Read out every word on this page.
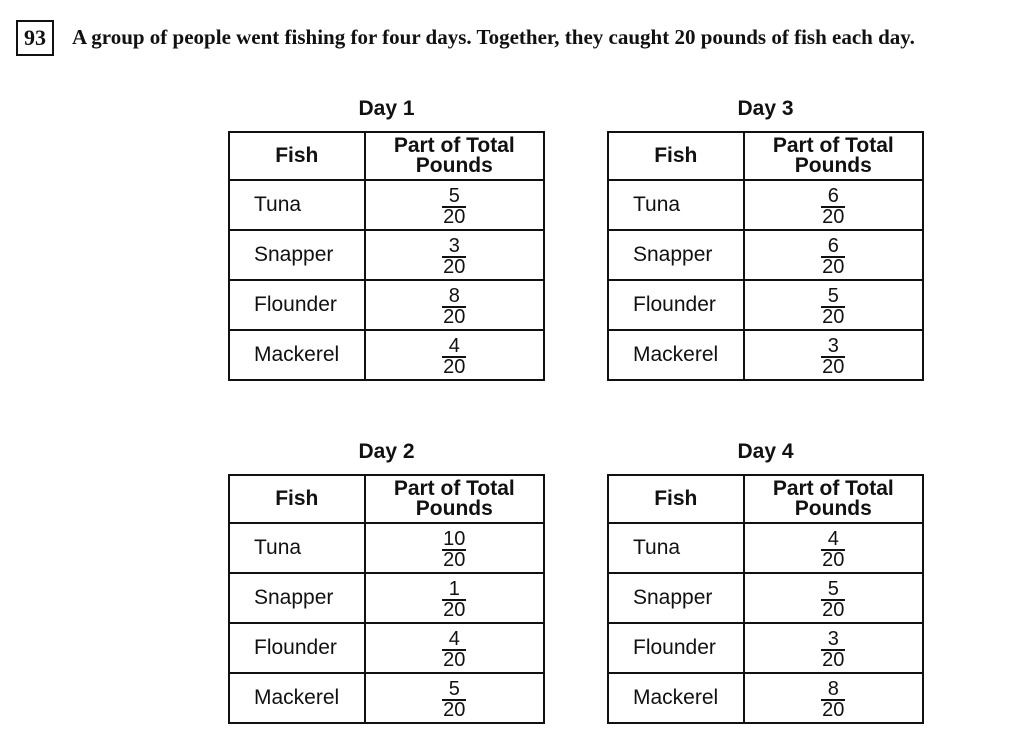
93	A group of people went fishing for four days. Together, they caught 20 pounds of fish each day.
Day 1
Fish	Part of Total
Pounds
Tuna	$\frac{5}{20}$

Snapper	$\frac{3}{20}$

Flounder	$\frac{8}{20}$

Mackerel	$\frac{4}{20}$
Day 3
Fish	Part of Total
Pounds
Tuna	$\frac{6}{20}$

Snapper	$\frac{6}{20}$

Flounder	$\frac{5}{20}$

Mackerel	$\frac{3}{20}$
Day 2
Fish	Part of Total
Pounds
Tuna	$\frac{10}{20}$

Snapper	$\frac{1}{20}$

Flounder	$\frac{4}{20}$

Mackerel	$\frac{5}{20}$
Day 4
Fish	Part of Total
Pounds
Tuna	$\frac{4}{20}$

Snapper	$\frac{5}{20}$

Flounder	$\frac{3}{20}$

Mackerel	$\frac{8}{20}$
